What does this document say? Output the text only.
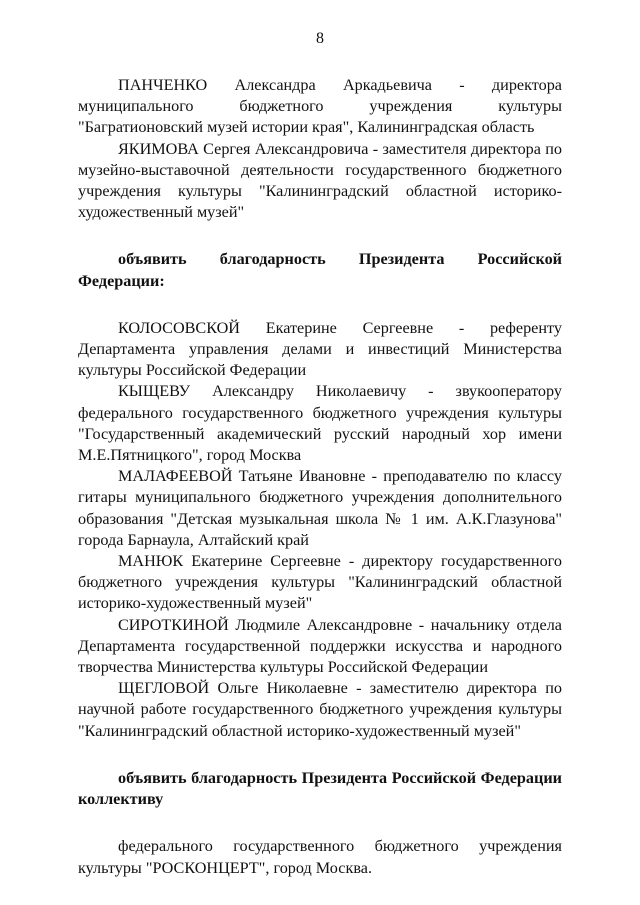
8

ПАНЧЕНКО Александра Аркадьевича - директора муниципального бюджетного учреждения культуры "Багратионовский музей истории края", Калининградская область

ЯКИМОВА Сергея Александровича - заместителя директора по музейно-выставочной деятельности государственного бюджетного учреждения культуры "Калининградский областной историко-художественный музей"

объявить благодарность Президента Российской Федерации:

КОЛОСОВСКОЙ Екатерине Сергеевне - референту Департамента управления делами и инвестиций Министерства культуры Российской Федерации

КЫЩЕВУ Александру Николаевичу - звукооператору федерального государственного бюджетного учреждения культуры "Государственный академический русский народный хор имени М.Е.Пятницкого", город Москва

МАЛАФЕЕВОЙ Татьяне Ивановне - преподавателю по классу гитары муниципального бюджетного учреждения дополнительного образования "Детская музыкальная школа № 1 им. А.К.Глазунова" города Барнаула, Алтайский край

МАНЮК Екатерине Сергеевне - директору государственного бюджетного учреждения культуры "Калининградский областной историко-художественный музей"

СИРОТКИНОЙ Людмиле Александровне - начальнику отдела Департамента государственной поддержки искусства и народного творчества Министерства культуры Российской Федерации

ЩЕГЛОВОЙ Ольге Николаевне - заместителю директора по научной работе государственного бюджетного учреждения культуры "Калининградский областной историко-художественный музей"

объявить благодарность Президента Российской Федерации коллективу

федерального государственного бюджетного учреждения культуры "РОСКОНЦЕРТ", город Москва.
